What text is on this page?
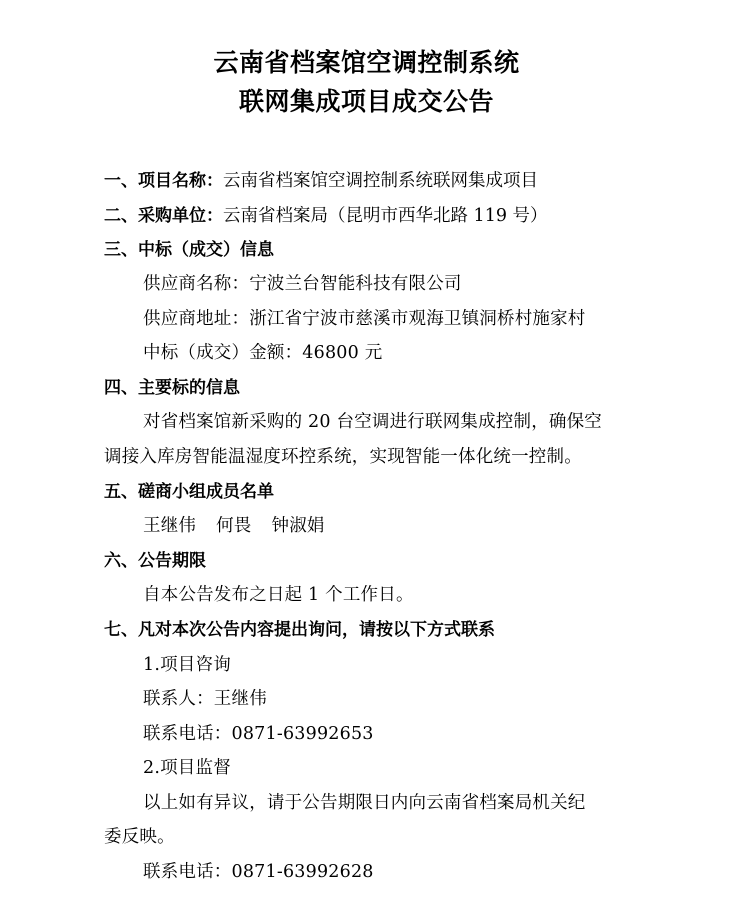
云南省档案馆空调控制系统
联网集成项目成交公告
一、项目名称：云南省档案馆空调控制系统联网集成项目
二、采购单位：云南省档案局（昆明市西华北路 119 号）
三、中标（成交）信息
供应商名称：宁波兰台智能科技有限公司
供应商地址：浙江省宁波市慈溪市观海卫镇洞桥村施家村
中标（成交）金额：46800 元
四、主要标的信息
对省档案馆新采购的 20 台空调进行联网集成控制，确保空
调接入库房智能温湿度环控系统，实现智能一体化统一控制。
五、磋商小组成员名单
王继伟 何畏 钟淑娟
六、公告期限
自本公告发布之日起 1 个工作日。
七、凡对本次公告内容提出询问，请按以下方式联系
1.项目咨询
联系人：王继伟
联系电话：0871-63992653
2.项目监督
以上如有异议，请于公告期限日内向云南省档案局机关纪
委反映。
联系电话：0871-63992628
